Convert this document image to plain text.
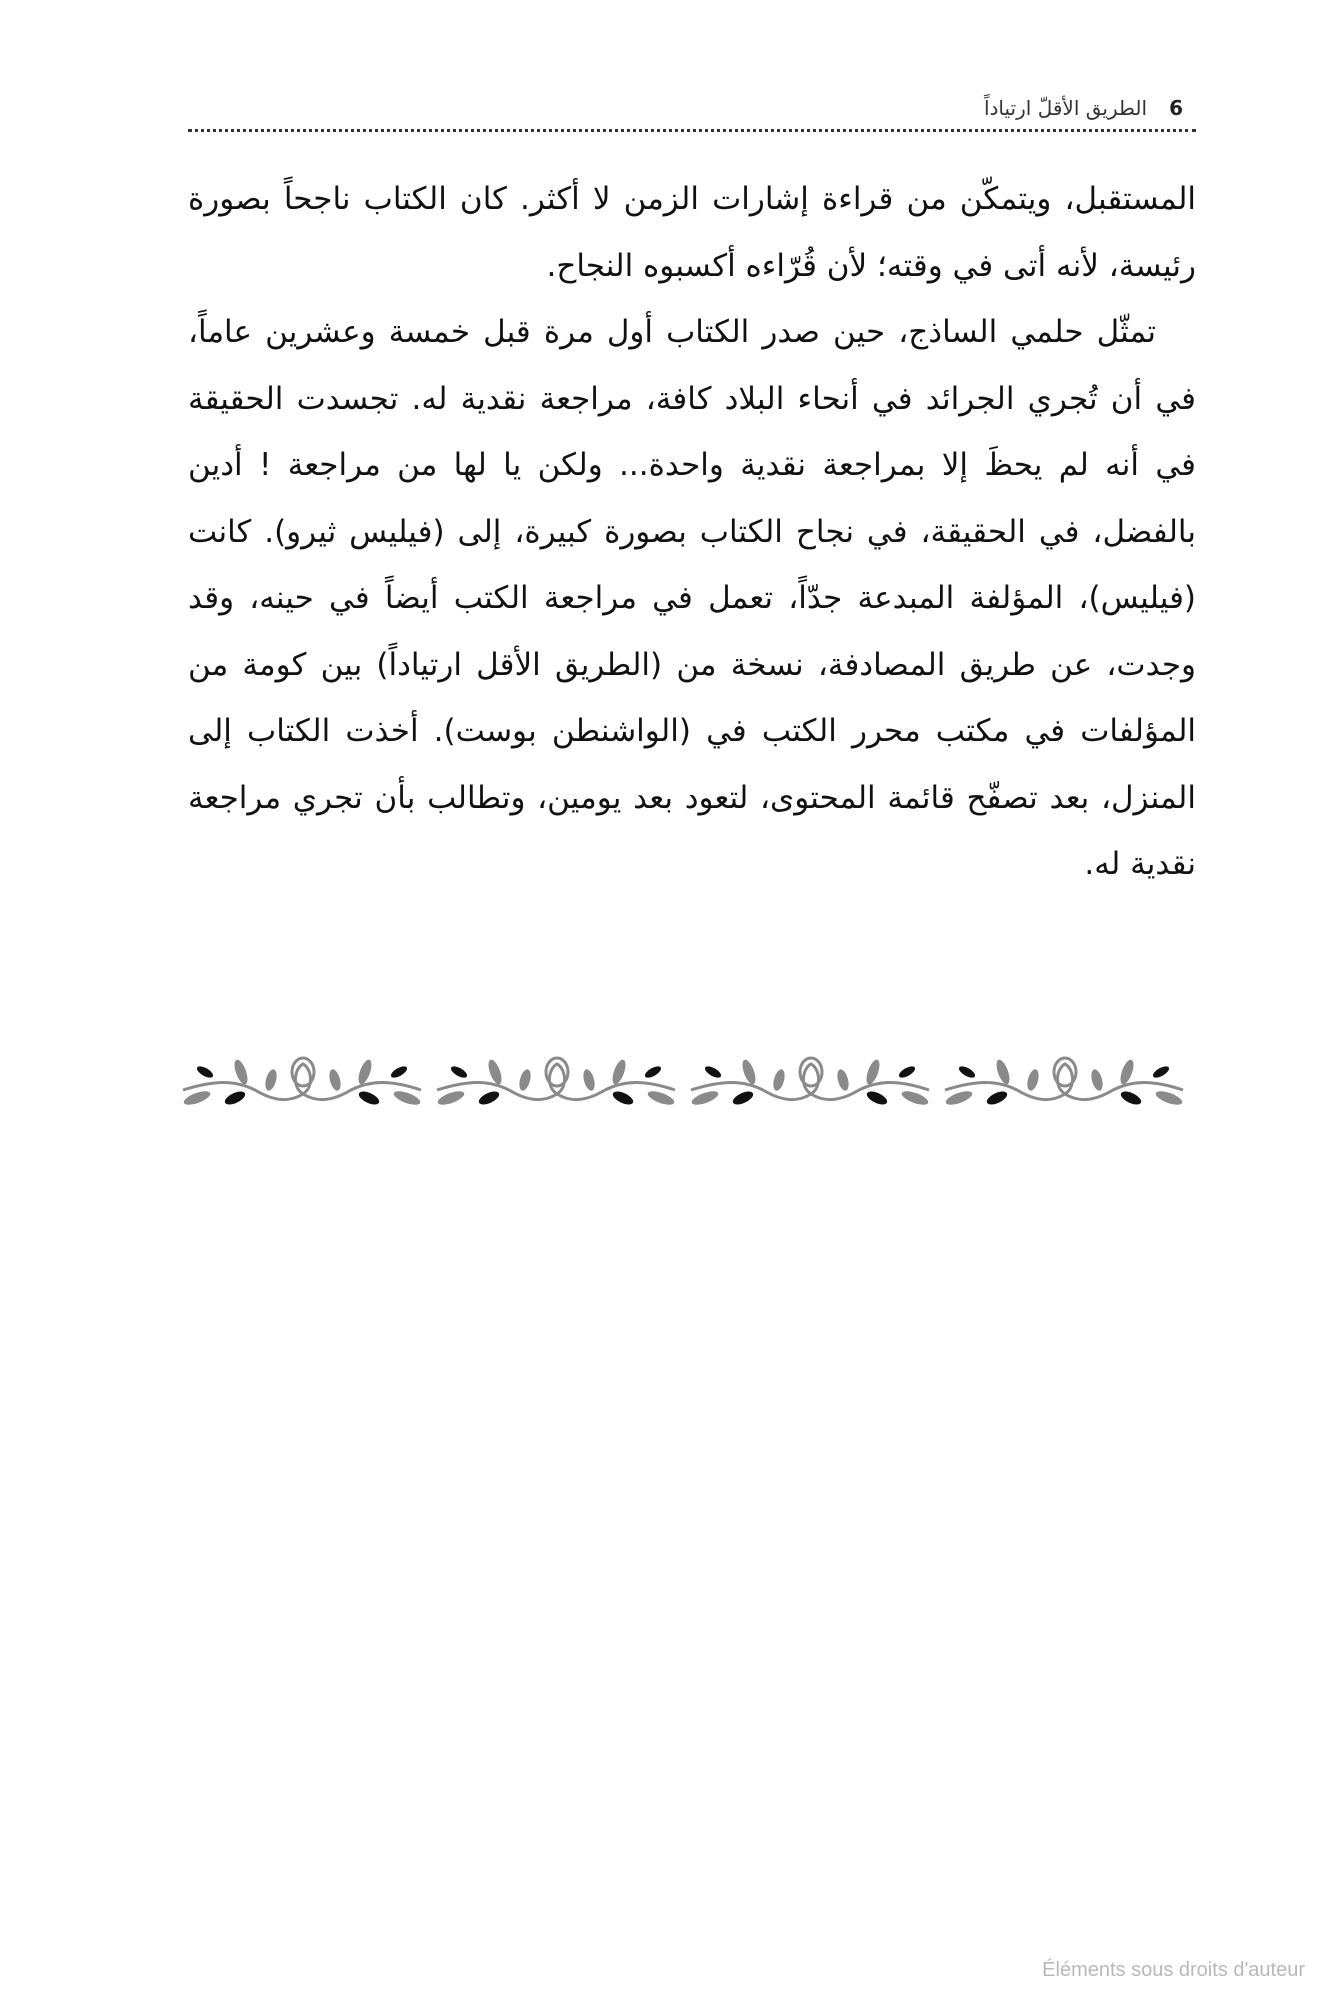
6
الطريق الأقلّ ارتياداً

المستقبل، ويتمكّن من قراءة إشارات الزمن لا أكثر. كان الكتاب ناجحاً بصورة رئيسة، لأنه أتى في وقته؛ لأن قُرّاءه أكسبوه النجاح.

تمثّل حلمي الساذج، حين صدر الكتاب أول مرة قبل خمسة وعشرين عاماً، في أن تُجري الجرائد في أنحاء البلاد كافة، مراجعة نقدية له. تجسدت الحقيقة في أنه لم يحظَ إلا بمراجعة نقدية واحدة... ولكن يا لها من مراجعة ! أدين بالفضل، في الحقيقة، في نجاح الكتاب بصورة كبيرة، إلى (فيليس ثيرو). كانت (فيليس)، المؤلفة المبدعة جدّاً، تعمل في مراجعة الكتب أيضاً في حينه، وقد وجدت، عن طريق المصادفة، نسخة من (الطريق الأقل ارتياداً) بين كومة من المؤلفات في مكتب محرر الكتب في (الواشنطن بوست). أخذت الكتاب إلى المنزل، بعد تصفّح قائمة المحتوى، لتعود بعد يومين، وتطالب بأن تجري مراجعة نقدية له.

Éléments sous droits d'auteur
